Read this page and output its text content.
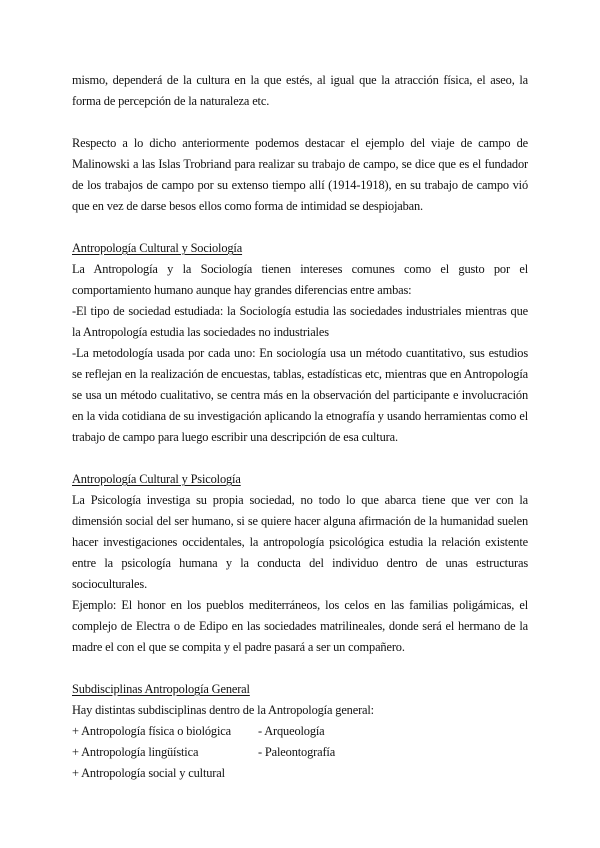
mismo, dependerá de la cultura en la que estés, al igual que la atracción física, el aseo, la forma de percepción de la naturaleza etc.

Respecto a lo dicho anteriormente podemos destacar el ejemplo del viaje de campo de Malinowski a las Islas Trobriand para realizar su trabajo de campo, se dice que es el fundador de los trabajos de campo por su extenso tiempo allí (1914-1918), en su trabajo de campo vió que en vez de darse besos ellos como forma de intimidad se despiojaban.

Antropología Cultural y Sociología

La Antropología y la Sociología tienen intereses comunes como el gusto por el comportamiento humano aunque hay grandes diferencias entre ambas:

-El tipo de sociedad estudiada: la Sociología estudia las sociedades industriales mientras que la Antropología estudia las sociedades no industriales

-La metodología usada por cada uno: En sociología usa un método cuantitativo, sus estudios se reflejan en la realización de encuestas, tablas, estadísticas etc, mientras que en Antropología se usa un método cualitativo, se centra más en la observación del participante e involucración en la vida cotidiana de su investigación aplicando la etnografía y usando herramientas como el trabajo de campo para luego escribir una descripción de esa cultura.

Antropología Cultural y Psicología

La Psicología investiga su propia sociedad, no todo lo que abarca tiene que ver con la dimensión social del ser humano, si se quiere hacer alguna afirmación de la humanidad suelen hacer investigaciones occidentales, la antropología psicológica estudia la relación existente entre la psicología humana y la conducta del individuo dentro de unas estructuras socioculturales.

Ejemplo: El honor en los pueblos mediterráneos, los celos en las familias poligámicas, el complejo de Electra o de Edipo en las sociedades matrilineales, donde será el hermano de la madre el con el que se compita y el padre pasará a ser un compañero.

Subdisciplinas Antropología General

Hay distintas subdisciplinas dentro de la Antropología general:

+ Antropología física o biológica	- Arqueología
+ Antropología lingüística	- Paleontografía
+ Antropología social y cultural
